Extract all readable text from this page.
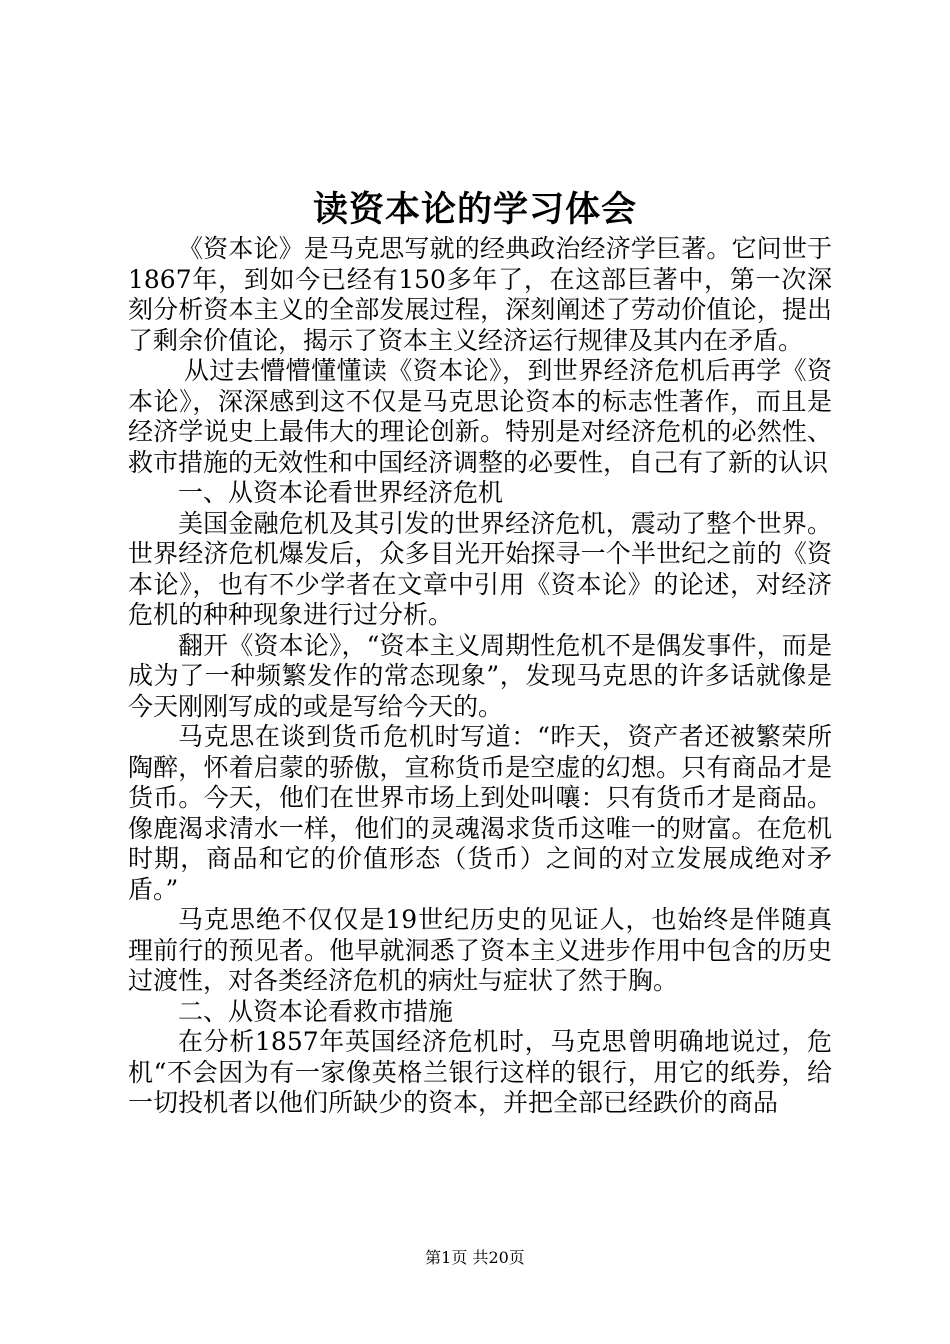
读资本论的学习体会

《资本论》是马克思写就的经典政治经济学巨著。它问世于1867年，到如今已经有150多年了，在这部巨著中，第一次深刻分析资本主义的全部发展过程，深刻阐述了劳动价值论，提出了剩余价值论，揭示了资本主义经济运行规律及其内在矛盾。

从过去懵懵懂懂读《资本论》，到世界经济危机后再学《资本论》，深深感到这不仅是马克思论资本的标志性著作，而且是经济学说史上最伟大的理论创新。特别是对经济危机的必然性、救市措施的无效性和中国经济调整的必要性，自己有了新的认识

一、从资本论看世界经济危机

美国金融危机及其引发的世界经济危机，震动了整个世界。世界经济危机爆发后，众多目光开始探寻一个半世纪之前的《资本论》，也有不少学者在文章中引用《资本论》的论述，对经济危机的种种现象进行过分析。

翻开《资本论》，“资本主义周期性危机不是偶发事件，而是成为了一种频繁发作的常态现象”，发现马克思的许多话就像是今天刚刚写成的或是写给今天的。

马克思在谈到货币危机时写道：“昨天，资产者还被繁荣所陶醉，怀着启蒙的骄傲，宣称货币是空虚的幻想。只有商品才是货币。今天，他们在世界市场上到处叫嚷：只有货币才是商品。像鹿渴求清水一样，他们的灵魂渴求货币这唯一的财富。在危机时期，商品和它的价值形态（货币）之间的对立发展成绝对矛盾。”

马克思绝不仅仅是19世纪历史的见证人，也始终是伴随真理前行的预见者。他早就洞悉了资本主义进步作用中包含的历史过渡性，对各类经济危机的病灶与症状了然于胸。

二、从资本论看救市措施

在分析1857年英国经济危机时，马克思曾明确地说过，危机“不会因为有一家像英格兰银行这样的银行，用它的纸券，给一切投机者以他们所缺少的资本，并把全部已经跌价的商品

第1页 共20页
